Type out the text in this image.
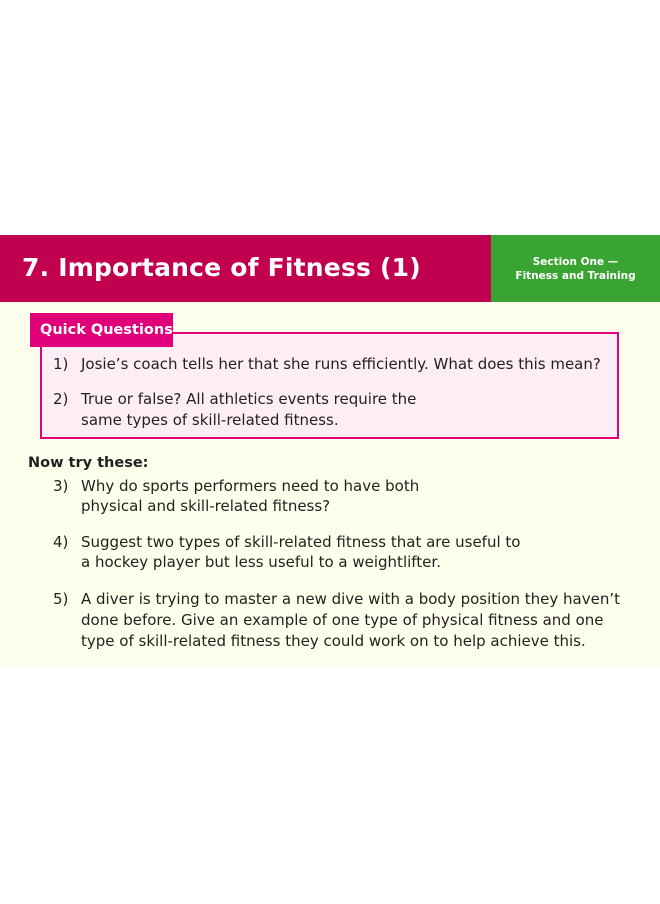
7. Importance of Fitness (1)	Section One —
Fitness and Training
Quick Questions
1) Josie’s coach tells her that she runs efficiently. What does this mean?
2) True or false? All athletics events require the
same types of skill-related fitness.
Now try these:
3) Why do sports performers need to have both
physical and skill-related fitness?
4) Suggest two types of skill-related fitness that are useful to
a hockey player but less useful to a weightlifter.
5) A diver is trying to master a new dive with a body position they haven’t
done before. Give an example of one type of physical fitness and one
type of skill-related fitness they could work on to help achieve this.
